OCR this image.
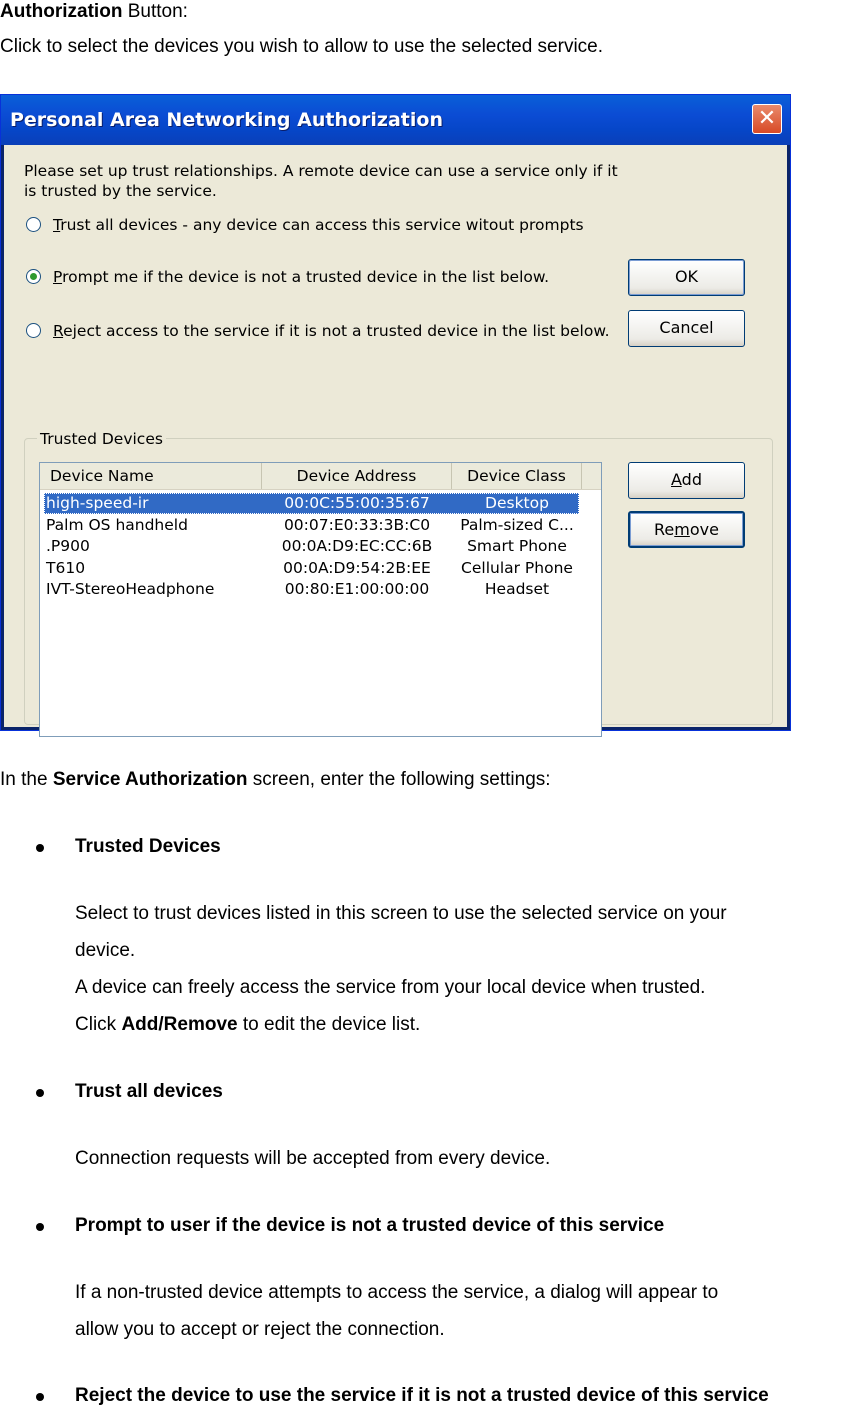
Authorization Button:
Click to select the devices you wish to allow to use the selected service.
Personal Area Networking Authorization	✕
Please set up trust relationships. A remote device can use a service only if it
is trusted by the service.
Trust all devices - any device can access this service witout prompts
Prompt me if the device is not a trusted device in the list below.
Reject access to the service if it is not a trusted device in the list below.
OK
Cancel
Trusted Devices
Device Name	Device Address	Device Class
high-speed-ir	00:0C:55:00:35:67	Desktop
Palm OS handheld	00:07:E0:33:3B:C0	Palm-sized C...
.P900	00:0A:D9:EC:CC:6B	Smart Phone
T610	00:0A:D9:54:2B:EE	Cellular Phone
IVT-StereoHeadphone	00:80:E1:00:00:00	Headset
Add
Remove
In the Service Authorization screen, enter the following settings:
Trusted Devices
Select to trust devices listed in this screen to use the selected service on your
device.
A device can freely access the service from your local device when trusted.
Click Add/Remove to edit the device list.
Trust all devices
Connection requests will be accepted from every device.
Prompt to user if the device is not a trusted device of this service
If a non-trusted device attempts to access the service, a dialog will appear to
allow you to accept or reject the connection.
Reject the device to use the service if it is not a trusted device of this service
